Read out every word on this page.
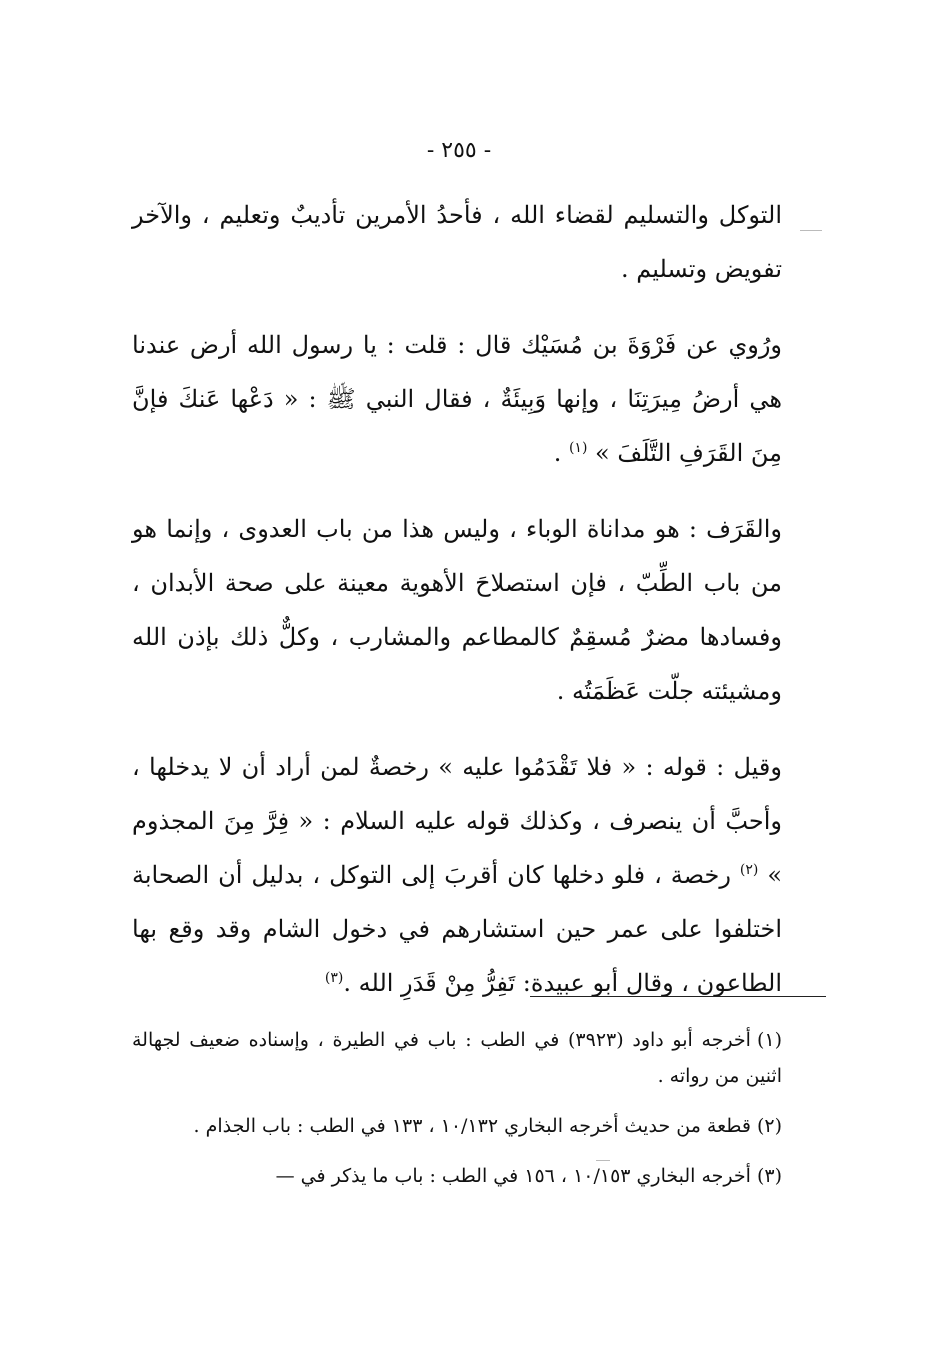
- ٢٥٥ -

التوكل والتسليم لقضاء الله ، فأحدُ الأمرين تأديبٌ وتعليم ، والآخر تفويض وتسليم .

ورُوي عن فَرْوَةَ بن مُسَيْك قال : قلت : يا رسول الله أرض عندنا هي أرضُ مِيرَتِنَا ، وإنها وَبِيئَةٌ ، فقال النبي ﷺ : « دَعْها عَنكَ فإنَّ مِنَ القَرَفِ التَّلَفَ » $^{(١)}$ .

والقَرَف : هو مداناة الوباء ، وليس هذا من باب العدوى ، وإنما هو من باب الطِّبّ ، فإن استصلاحَ الأهوية معينة على صحة الأبدان ، وفسادها مضرٌ مُسقِمٌ كالمطاعم والمشارب ، وكلٌّ ذلك بإذن الله ومشيئته جلّت عَظَمَتُه .

وقيل : قوله : « فلا تَقْدَمُوا عليه » رخصةٌ لمن أراد أن لا يدخلها ، وأحبَّ أن ينصرف ، وكذلك قوله عليه السلام : « فِرَّ مِنَ المجذوم » $^{(٢)}$ رخصة ، فلو دخلها كان أقربَ إلى التوكل ، بدليل أن الصحابة اختلفوا على عمر حين استشارهم في دخول الشام وقد وقع بها الطاعون ، وقال أبو عبيدة: تَفِرُّ مِنْ قَدَرِ الله .$^{(٣)}$

(١)أخرجه أبو داود (٣٩٢٣) في الطب : باب في الطيرة ، وإسناده ضعيف لجهالة اثنين من رواته .

(٢)قطعة من حديث أخرجه البخاري ١٠/١٣٢ ، ١٣٣ في الطب : باب الجذام .

(٣)أخرجه البخاري ١٠/١٥٣ ، ١٥٦ في الطب : باب ما يذكر في —
